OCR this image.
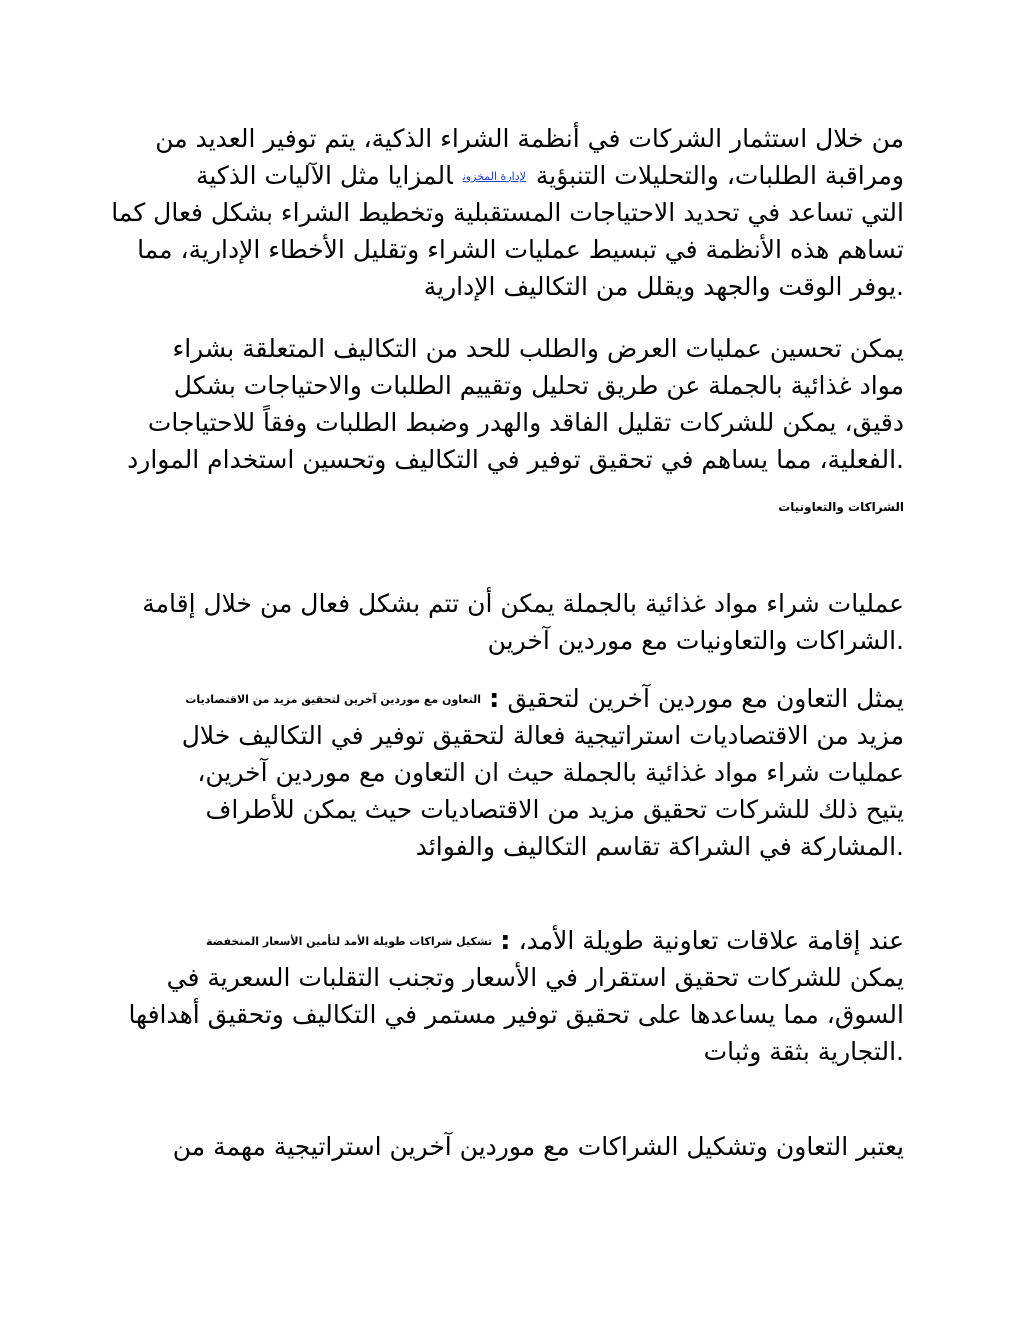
من خلال استثمار الشركات في أنظمة الشراء الذكية، يتم توفير العديد من
ومراقبة الطلبات، والتحليلات التنبؤيةلإدارة المخزونالمزايا مثل الآليات الذكية
التي تساعد في تحديد الاحتياجات المستقبلية وتخطيط الشراء بشكل فعال كما
تساهم هذه الأنظمة في تبسيط عمليات الشراء وتقليل الأخطاء الإدارية، مما
.يوفر الوقت والجهد ويقلل من التكاليف الإدارية
يمكن تحسين عمليات العرض والطلب للحد من التكاليف المتعلقة بشراء
مواد غذائية بالجملة عن طريق تحليل وتقييم الطلبات والاحتياجات بشكل
دقيق، يمكن للشركات تقليل الفاقد والهدر وضبط الطلبات وفقاً للاحتياجات
.الفعلية، مما يساهم في تحقيق توفير في التكاليف وتحسين استخدام الموارد
الشراكات والتعاونيات
عمليات شراء مواد غذائية بالجملة يمكن أن تتم بشكل فعال من خلال إقامة
.الشراكات والتعاونيات مع موردين آخرين
يمثل التعاون مع موردين آخرين لتحقيق:التعاون مع موردين آخرين لتحقيق مزيد من الاقتصاديات
مزيد من الاقتصاديات استراتيجية فعالة لتحقيق توفير في التكاليف خلال
عمليات شراء مواد غذائية بالجملة حيث ان التعاون مع موردين آخرين،
يتيح ذلك للشركات تحقيق مزيد من الاقتصاديات حيث يمكن للأطراف
.المشاركة في الشراكة تقاسم التكاليف والفوائد
عند إقامة علاقات تعاونية طويلة الأمد،:تشكيل شراكات طويلة الأمد لتأمين الأسعار المنخفضة
يمكن للشركات تحقيق استقرار في الأسعار وتجنب التقلبات السعرية في
السوق، مما يساعدها على تحقيق توفير مستمر في التكاليف وتحقيق أهدافها
.التجارية بثقة وثبات
يعتبر التعاون وتشكيل الشراكات مع موردين آخرين استراتيجية مهمة من
